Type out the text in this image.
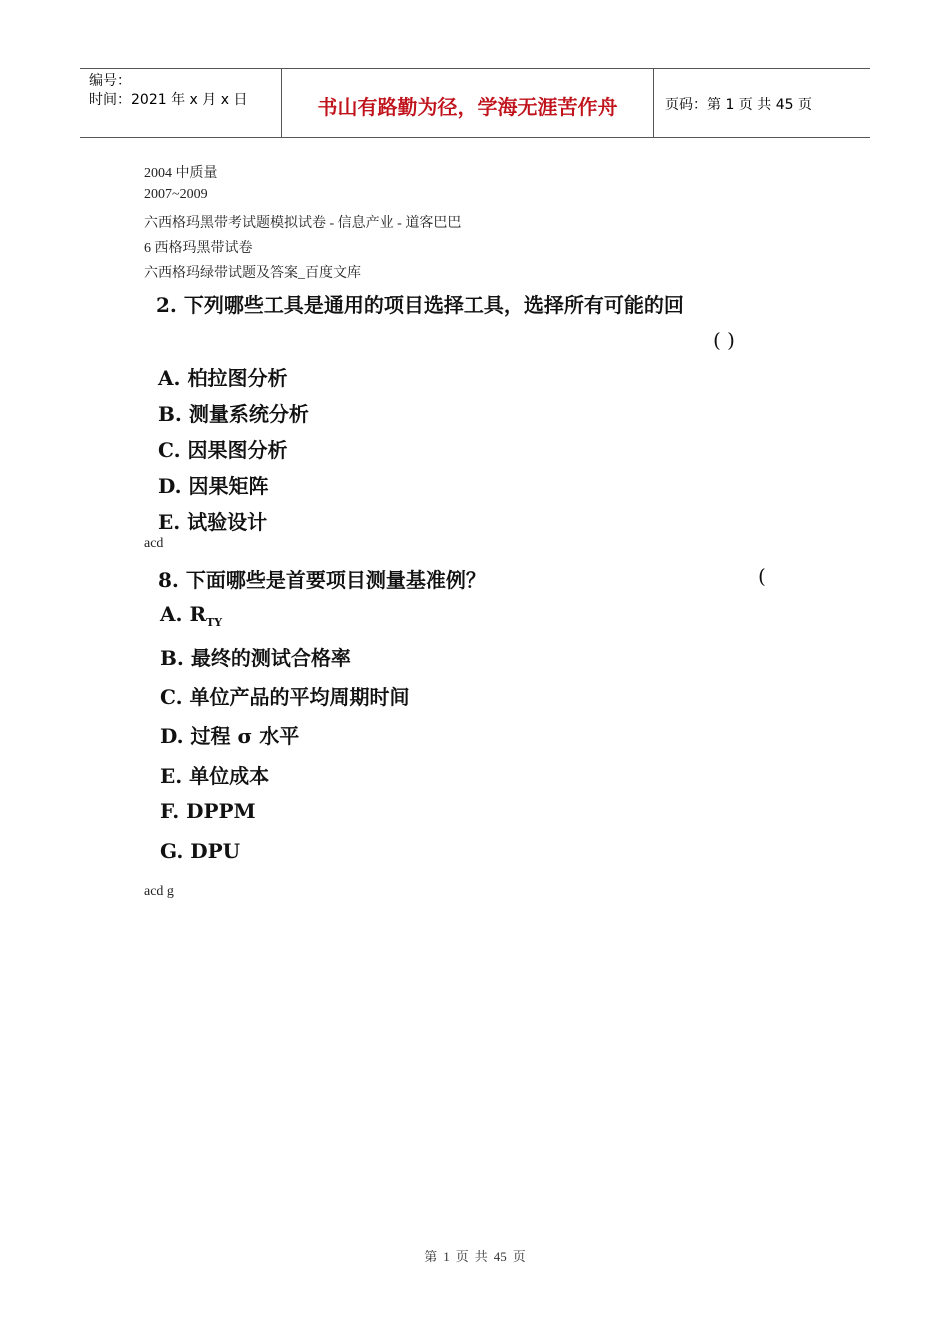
编号：
时间：2021 年 x 月 x 日	书山有路勤为径，学海无涯苦作舟	页码：第 1 页 共 45 页
2004 中质量
2007~2009
六西格玛黑带考试题模拟试卷 - 信息产业 - 道客巴巴
6 西格玛黑带试卷
六西格玛绿带试题及答案_百度文库
2. 下列哪些工具是通用的项目选择工具，选择所有可能的回
( )
A. 柏拉图分析
B. 测量系统分析
C. 因果图分析
D. 因果矩阵
E. 试验设计
acd
8. 下面哪些是首要项目测量基准例？	(
A. $R_{TY}$
B. 最终的测试合格率
C. 单位产品的平均周期时间
D. 过程 σ 水平
E. 单位成本
F. DPPM
G. DPU
acd g
第 1 页 共 45 页
